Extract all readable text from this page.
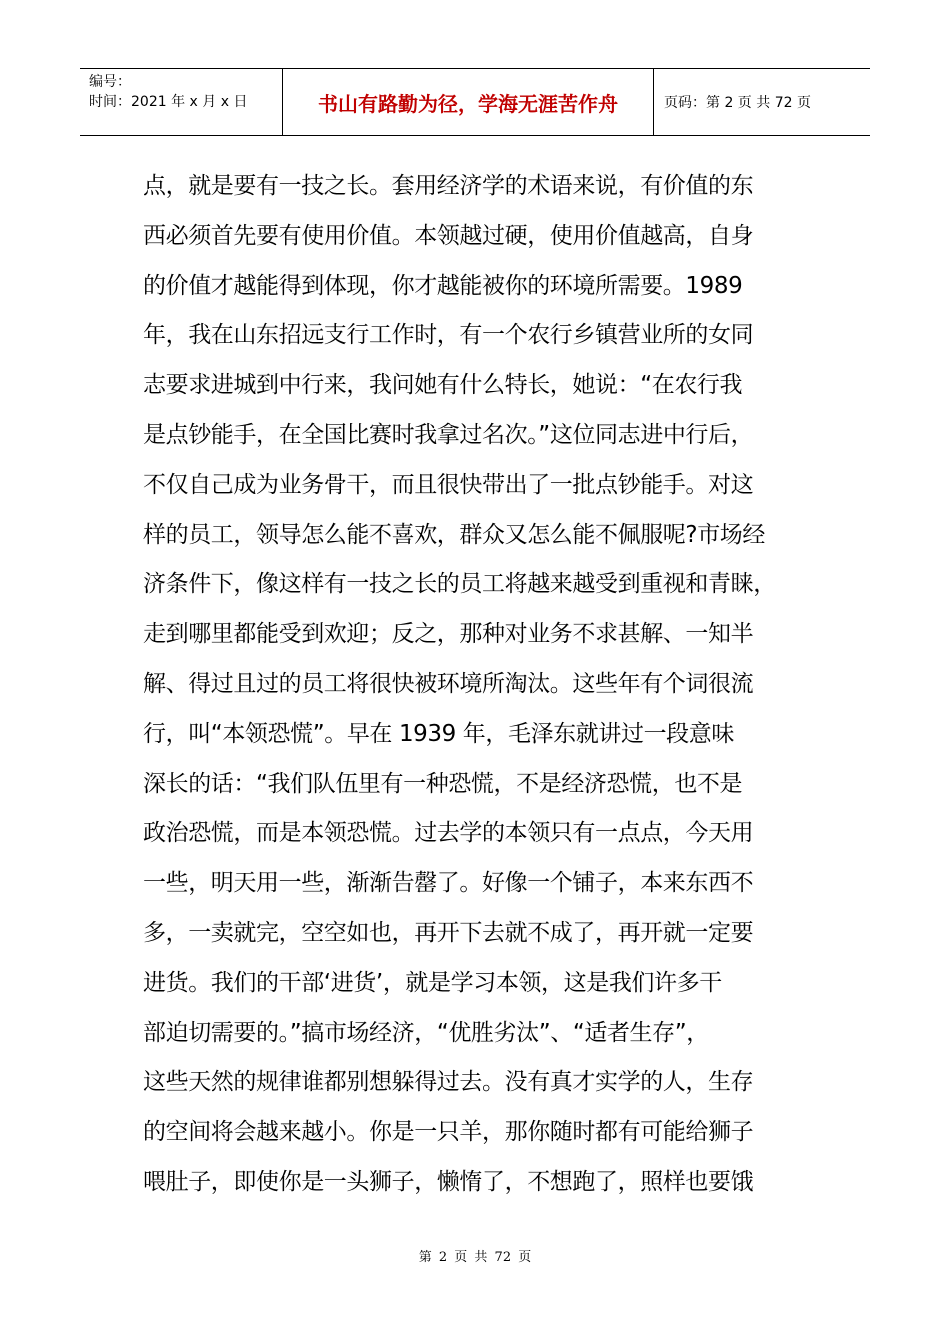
编号：
时间：2021 年 x 月 x 日	书山有路勤为径，学海无涯苦作舟	页码：第 2 页 共 72 页
点，就是要有一技之长。套用经济学的术语来说，有价值的东
西必须首先要有使用价值。本领越过硬，使用价值越高，自身
的价值才越能得到体现，你才越能被你的环境所需要。1989
年，我在山东招远支行工作时，有一个农行乡镇营业所的女同
志要求进城到中行来，我问她有什么特长，她说：“在农行我
是点钞能手，在全国比赛时我拿过名次。”这位同志进中行后，
不仅自己成为业务骨干，而且很快带出了一批点钞能手。对这
样的员工，领导怎么能不喜欢，群众又怎么能不佩服呢?市场经
济条件下，像这样有一技之长的员工将越来越受到重视和青睐，
走到哪里都能受到欢迎；反之，那种对业务不求甚解、一知半
解、得过且过的员工将很快被环境所淘汰。这些年有个词很流
行，叫“本领恐慌”。早在 1939 年，毛泽东就讲过一段意味
深长的话：“我们队伍里有一种恐慌，不是经济恐慌，也不是
政治恐慌，而是本领恐慌。过去学的本领只有一点点，今天用
一些，明天用一些，渐渐告罄了。好像一个铺子，本来东西不
多，一卖就完，空空如也，再开下去就不成了，再开就一定要
进货。我们的干部‘进货’，就是学习本领，这是我们许多干
部迫切需要的。”搞市场经济，“优胜劣汰”、“适者生存”，
这些天然的规律谁都别想躲得过去。没有真才实学的人，生存
的空间将会越来越小。你是一只羊，那你随时都有可能给狮子
喂肚子，即使你是一头狮子，懒惰了，不想跑了，照样也要饿
第 2 页 共 72 页
